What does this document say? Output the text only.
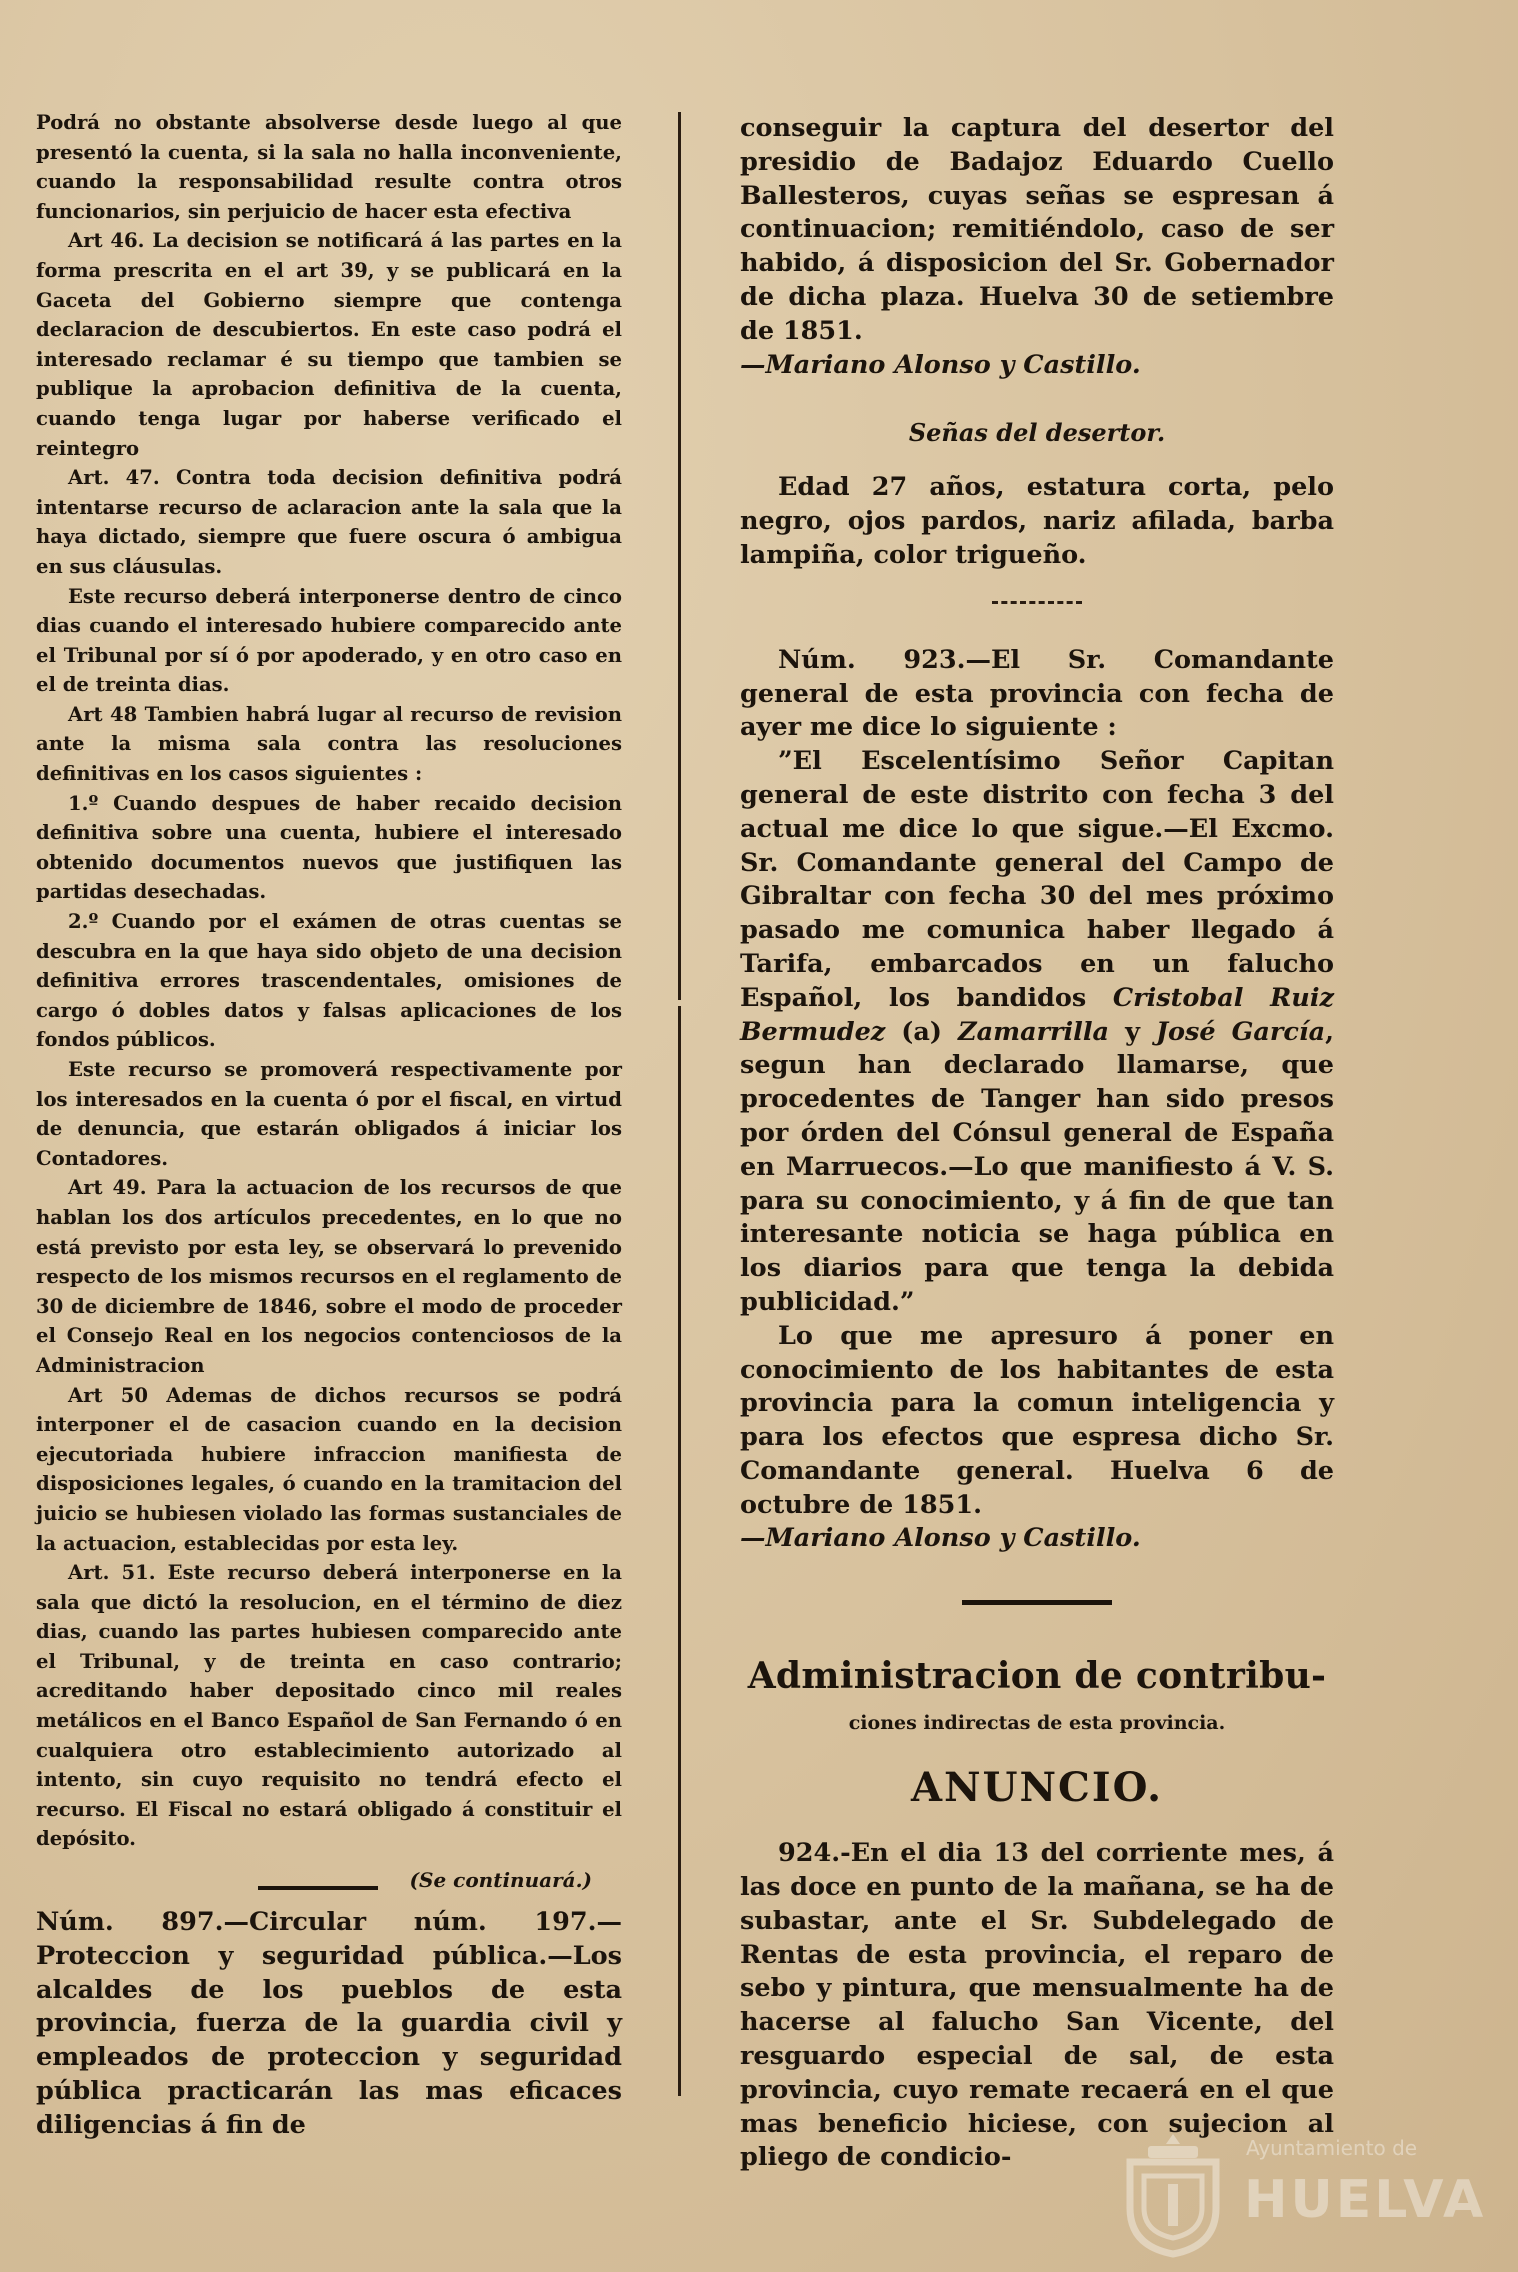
Podrá no obstante absolverse desde luego al que presentó la cuenta, si la sala no halla inconveniente, cuando la responsabilidad resulte contra otros funcionarios, sin perjuicio de hacer esta efectiva

Art 46. La decision se notificará á las partes en la forma prescrita en el art 39, y se publicará en la Gaceta del Gobierno siempre que contenga declaracion de descubiertos. En este caso podrá el interesado reclamar é su tiempo que tambien se publique la aprobacion definitiva de la cuenta, cuando tenga lugar por haberse verificado el reintegro

Art. 47. Contra toda decision definitiva podrá intentarse recurso de aclaracion ante la sala que la haya dictado, siempre que fuere oscura ó ambigua en sus cláusulas.

Este recurso deberá interponerse dentro de cinco dias cuando el interesado hubiere comparecido ante el Tribunal por sí ó por apoderado, y en otro caso en el de treinta dias.

Art 48 Tambien habrá lugar al recurso de revision ante la misma sala contra las resoluciones definitivas en los casos siguientes :

1.º Cuando despues de haber recaido decision definitiva sobre una cuenta, hubiere el interesado obtenido documentos nuevos que justifiquen las partidas desechadas.

2.º Cuando por el exámen de otras cuentas se descubra en la que haya sido objeto de una decision definitiva errores trascendentales, omisiones de cargo ó dobles datos y falsas aplicaciones de los fondos públicos.

Este recurso se promoverá respectivamente por los interesados en la cuenta ó por el fiscal, en virtud de denuncia, que estarán obligados á iniciar los Contadores.

Art 49. Para la actuacion de los recursos de que hablan los dos artículos precedentes, en lo que no está previsto por esta ley, se observará lo prevenido respecto de los mismos recursos en el reglamento de 30 de diciembre de 1846, sobre el modo de proceder el Consejo Real en los negocios contenciosos de la Administracion

Art 50 Ademas de dichos recursos se podrá interponer el de casacion cuando en la decision ejecutoriada hubiere infraccion manifiesta de disposiciones legales, ó cuando en la tramitacion del juicio se hubiesen violado las formas sustanciales de la actuacion, establecidas por esta ley.

Art. 51. Este recurso deberá interponerse en la sala que dictó la resolucion, en el término de diez dias, cuando las partes hubiesen comparecido ante el Tribunal, y de treinta en caso contrario; acreditando haber depositado cinco mil reales metálicos en el Banco Español de San Fernando ó en cualquiera otro establecimiento autorizado al intento, sin cuyo requisito no tendrá efecto el recurso. El Fiscal no estará obligado á constituir el depósito.

(Se continuará.)

Núm. 897.—Circular núm. 197.— Proteccion y seguridad pública.—Los alcaldes de los pueblos de esta provincia, fuerza de la guardia civil y empleados de proteccion y seguridad pública practicarán las mas eficaces diligencias á fin de

conseguir la captura del desertor del presidio de Badajoz Eduardo Cuello Ballesteros, cuyas señas se espresan á continuacion; remitiéndolo, caso de ser habido, á disposicion del Sr. Gobernador de dicha plaza. Huelva 30 de setiembre de 1851.

—Mariano Alonso y Castillo.

Señas del desertor.

Edad 27 años, estatura corta, pelo negro, ojos pardos, nariz afilada, barba lampiña, color trigueño.

Núm. 923.—El Sr. Comandante general de esta provincia con fecha de ayer me dice lo siguiente :

”El Escelentísimo Señor Capitan general de este distrito con fecha 3 del actual me dice lo que sigue.—El Excmo. Sr. Comandante general del Campo de Gibraltar con fecha 30 del mes próximo pasado me comunica haber llegado á Tarifa, embarcados en un falucho Español, los bandidos Cristobal Ruiz Bermudez (a) Zamarrilla y José García, segun han declarado llamarse, que procedentes de Tanger han sido presos por órden del Cónsul general de España en Marruecos.—Lo que manifiesto á V. S. para su conocimiento, y á fin de que tan interesante noticia se haga pública en los diarios para que tenga la debida publicidad.”

Lo que me apresuro á poner en conocimiento de los habitantes de esta provincia para la comun inteligencia y para los efectos que espresa dicho Sr. Comandante general. Huelva 6 de octubre de 1851.

—Mariano Alonso y Castillo.

Administracion de contribu-
ciones indirectas de esta provincia.
ANUNCIO.

924.-En el dia 13 del corriente mes, á las doce en punto de la mañana, se ha de subastar, ante el Sr. Subdelegado de Rentas de esta provincia, el reparo de sebo y pintura, que mensualmente ha de hacerse al falucho San Vicente, del resguardo especial de sal, de esta provincia, cuyo remate recaerá en el que mas beneficio hiciese, con sujecion al pliego de condicio-	Ayuntamiento de
HUELVA
